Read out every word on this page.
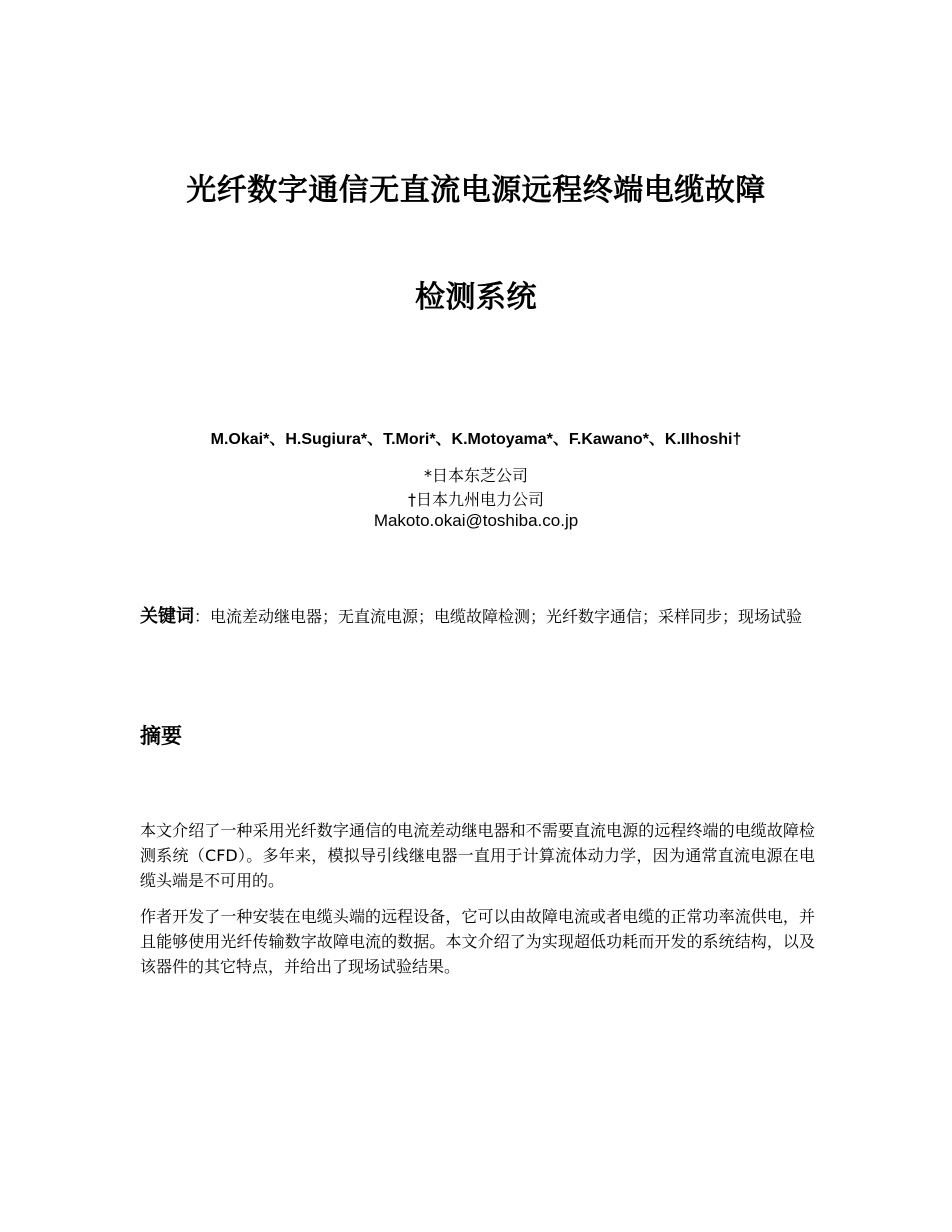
光纤数字通信无直流电源远程终端电缆故障
检测系统
M.Okai*、H.Sugiura*、T.Mori*、K.Motoyama*、F.Kawano*、K.IIhoshi†
*日本东芝公司
†日本九州电力公司
Makoto.okai@toshiba.co.jp
关键词：电流差动继电器；无直流电源；电缆故障检测；光纤数字通信；采样同步；现场试验
摘要
本文介绍了一种采用光纤数字通信的电流差动继电器和不需要直流电源的远程终端的电缆故障检测系统（CFD）。多年来，模拟导引线继电器一直用于计算流体动力学，因为通常直流电源在电缆头端是不可用的。
作者开发了一种安装在电缆头端的远程设备，它可以由故障电流或者电缆的正常功率流供电，并且能够使用光纤传输数字故障电流的数据。本文介绍了为实现超低功耗而开发的系统结构，以及该器件的其它特点，并给出了现场试验结果。
